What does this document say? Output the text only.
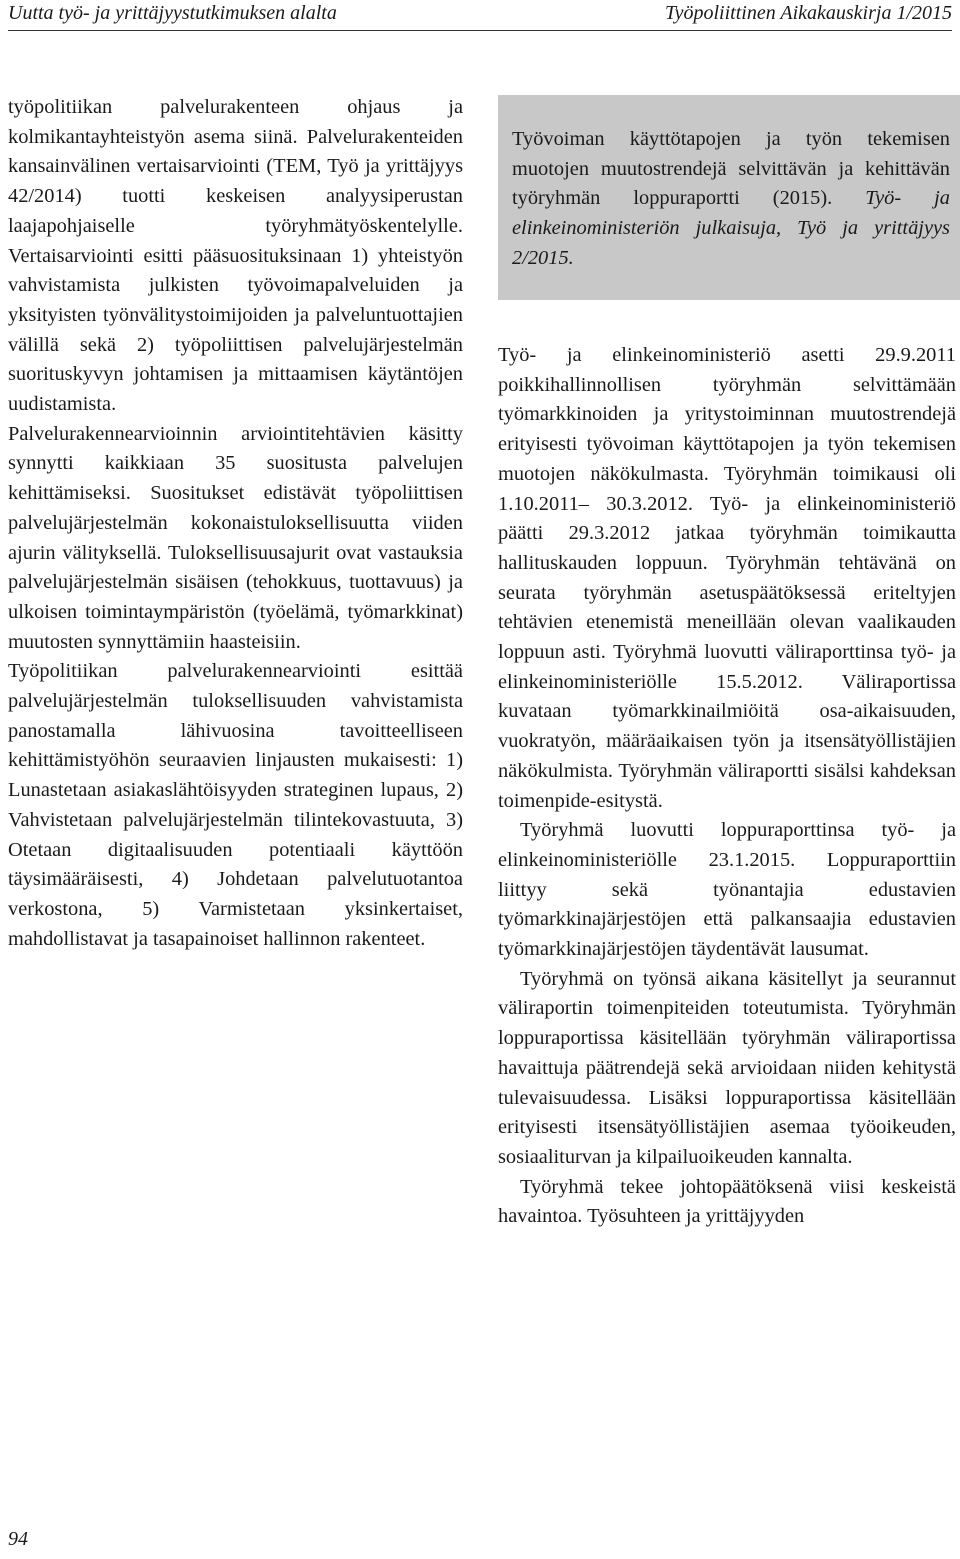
Uutta työ- ja yrittäjyystutkimuksen alalta	Työpoliittinen Aikakauskirja 1/2015

työpolitiikan palvelurakenteen ohjaus ja kolmikantayhteistyön asema siinä. Palvelurakenteiden kansainvälinen vertaisarviointi (TEM, Työ ja yrittäjyys 42/2014) tuotti keskeisen analyysiperustan laajapohjaiselle työryhmätyöskentelylle. Vertaisarviointi esitti pääsuosituksinaan 1) yhteistyön vahvistamista julkisten työvoimapalveluiden ja yksityisten työnvälitystoimijoiden ja palveluntuottajien välillä sekä 2) työpoliittisen palvelujärjestelmän suorituskyvyn johtamisen ja mittaamisen käytäntöjen uudistamista.

Palvelurakennearvioinnin arviointitehtävien käsitty synnytti kaikkiaan 35 suositusta palvelujen kehittämiseksi. Suositukset edistävät työpoliittisen palvelujärjestelmän kokonaistuloksellisuutta viiden ajurin välityksellä. Tuloksellisuusajurit ovat vastauksia palvelujärjestelmän sisäisen (tehokkuus, tuottavuus) ja ulkoisen toimintaympäristön (työelämä, työmarkkinat) muutosten synnyttämiin haasteisiin.

Työpolitiikan palvelurakennearviointi esittää palvelujärjestelmän tuloksellisuuden vahvistamista panostamalla lähivuosina tavoitteelliseen kehittämistyöhön seuraavien linjausten mukaisesti: 1) Lunastetaan asiakaslähtöisyyden strateginen lupaus, 2) Vahvistetaan palvelujärjestelmän tilintekovastuuta, 3) Otetaan digitaalisuuden potentiaali käyttöön täysimääräisesti, 4) Johdetaan palvelutuotantoa verkostona, 5) Varmistetaan yksinkertaiset, mahdollistavat ja tasapainoiset hallinnon rakenteet.

Työvoiman käyttötapojen ja työn tekemisen muotojen muutostrendejä selvittävän ja kehittävän työryhmän loppuraportti (2015). Työ- ja elinkeinoministeriön julkaisuja, Työ ja yrittäjyys 2/2015.

Työ- ja elinkeinoministeriö asetti 29.9.2011 poikkihallinnollisen työryhmän selvittämään työmarkkinoiden ja yritystoiminnan muutostrendejä erityisesti työvoiman käyttötapojen ja työn tekemisen muotojen näkökulmasta. Työryhmän toimikausi oli 1.10.2011– 30.3.2012. Työ- ja elinkeinoministeriö päätti 29.3.2012 jatkaa työryhmän toimikautta hallituskauden loppuun. Työryhmän tehtävänä on seurata työryhmän asetuspäätöksessä eriteltyjen tehtävien etenemistä meneillään olevan vaalikauden loppuun asti. Työryhmä luovutti väliraporttinsa työ- ja elinkeinoministeriölle 15.5.2012. Väliraportissa kuvataan työmarkkinailmiöitä osa-aikaisuuden, vuokratyön, määräaikaisen työn ja itsensätyöllistäjien näkökulmista. Työryhmän väliraportti sisälsi kahdeksan toimenpide-esitystä.

Työryhmä luovutti loppuraporttinsa työ- ja elinkeinoministeriölle 23.1.2015. Loppuraporttiin liittyy sekä työnantajia edustavien työmarkkinajärjestöjen että palkansaajia edustavien työmarkkinajärjestöjen täydentävät lausumat.

Työryhmä on työnsä aikana käsitellyt ja seurannut väliraportin toimenpiteiden toteutumista. Työryhmän loppuraportissa käsitellään työryhmän väliraportissa havaittuja päätrendejä sekä arvioidaan niiden kehitystä tulevaisuudessa. Lisäksi loppuraportissa käsitellään erityisesti itsensätyöllistäjien asemaa työoikeuden, sosiaaliturvan ja kilpailuoikeuden kannalta.

Työryhmä tekee johtopäätöksenä viisi keskeistä havaintoa. Työsuhteen ja yrittäjyyden

94
